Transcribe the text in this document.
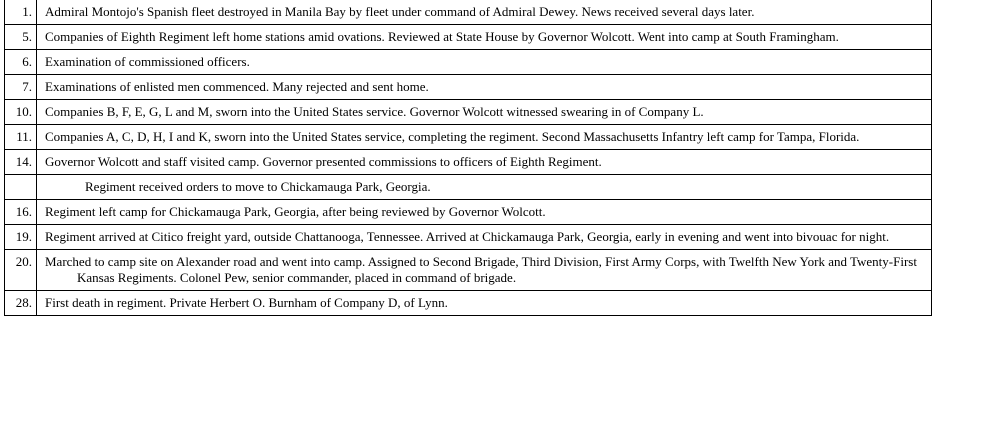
1.	Admiral Montojo's Spanish fleet destroyed in Manila Bay by fleet under command of Admiral Dewey. News received several days later.

5.	Companies of Eighth Regiment left home stations amid ovations. Reviewed at State House by Governor Wolcott. Went into camp at South Framingham.

6.	Examination of commissioned officers.

7.	Examinations of enlisted men commenced. Many rejected and sent home.

10.	Companies B, F, E, G, L and M, sworn into the United States service. Governor Wolcott witnessed swearing in of Company L.

11.	Companies A, C, D, H, I and K, sworn into the United States service, completing the regiment. Second Massachusetts Infantry left camp for Tampa, Florida.

14.	Governor Wolcott and staff visited camp. Governor presented commissions to officers of Eighth Regiment.

	Regiment received orders to move to Chickamauga Park, Georgia.

16.	Regiment left camp for Chickamauga Park, Georgia, after being reviewed by Governor Wolcott.

19.	Regiment arrived at Citico freight yard, outside Chattanooga, Tennessee. Arrived at Chickamauga Park, Georgia, early in evening and went into bivouac for night.

20.	Marched to camp site on Alexander road and went into camp. Assigned to Second Brigade, Third Division, First Army Corps, with Twelfth New York and Twenty-First Kansas Regiments. Colonel Pew, senior commander, placed in command of brigade.

28.	First death in regiment. Private Herbert O. Burnham of Company D, of Lynn.
